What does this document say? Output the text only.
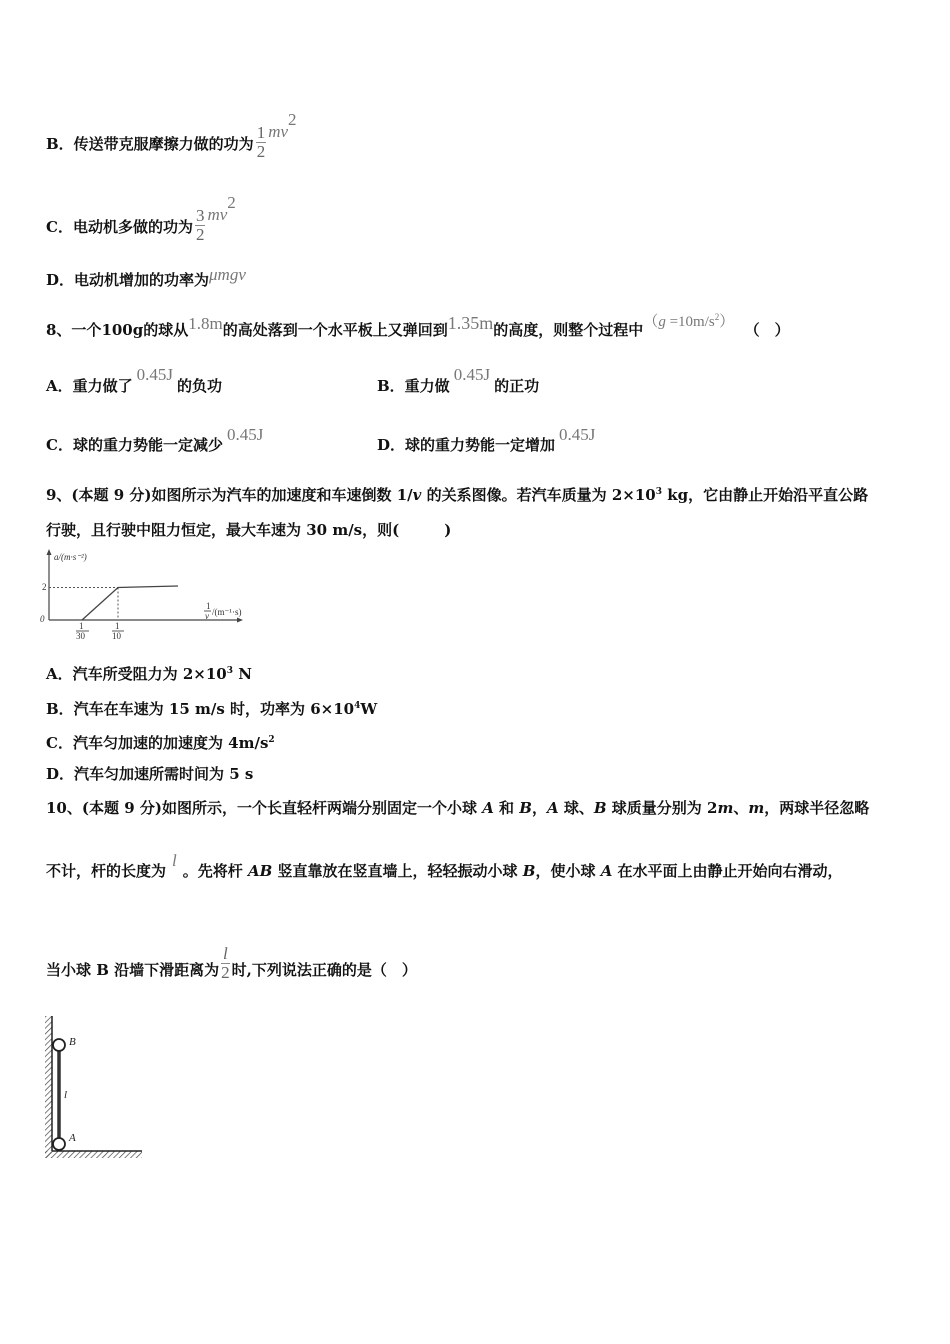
B．传送带克服摩擦力做的功为 $\frac{1}{2} mv^2$
C．电动机多做的功为 $\frac{3}{2} mv^2$
D．电动机增加的功率为μmgv
8、一个100g的球从1.8m的高处落到一个水平板上又弹回到1.35m的高度，则整个过程中$(g =10m/s^2)$ （　）
A．重力做了0.45J的负功	B．重力做0.45J的正功
C．球的重力势能一定减少0.45J
D．球的重力势能一定增加0.45J
9、(本题 9 分)如图所示为汽车的加速度和车速倒数 1/v 的关系图像。若汽车质量为 $2\times 10^3$ kg，它由静止开始沿平直公路
行驶，且行驶中阻力恒定，最大车速为 30 m/s，则(　　　)
a/(m·s⁻²)
2
0
1
30
1
10
1
v /(m⁻¹·s)
A．汽车所受阻力为 $2\times 10^3$ N
B．汽车在车速为 15 m/s 时，功率为 $6\times 10^4W$
C．汽车匀加速的加速度为 $4m/s^2$
D．汽车匀加速所需时间为 5 s
10、(本题 9 分)如图所示，一个长直轻杆两端分别固定一个小球 A 和 B，A 球、B 球质量分别为 2m、m，两球半径忽略
不计，杆的长度为l。先将杆 AB 竖直靠放在竖直墙上，轻轻振动小球 B，使小球 A 在水平面上由静止开始向右滑动，
当小球 B 沿墙下滑距离为 $\frac{l}{2}$ 时,下列说法正确的是（　）
B
l
A
